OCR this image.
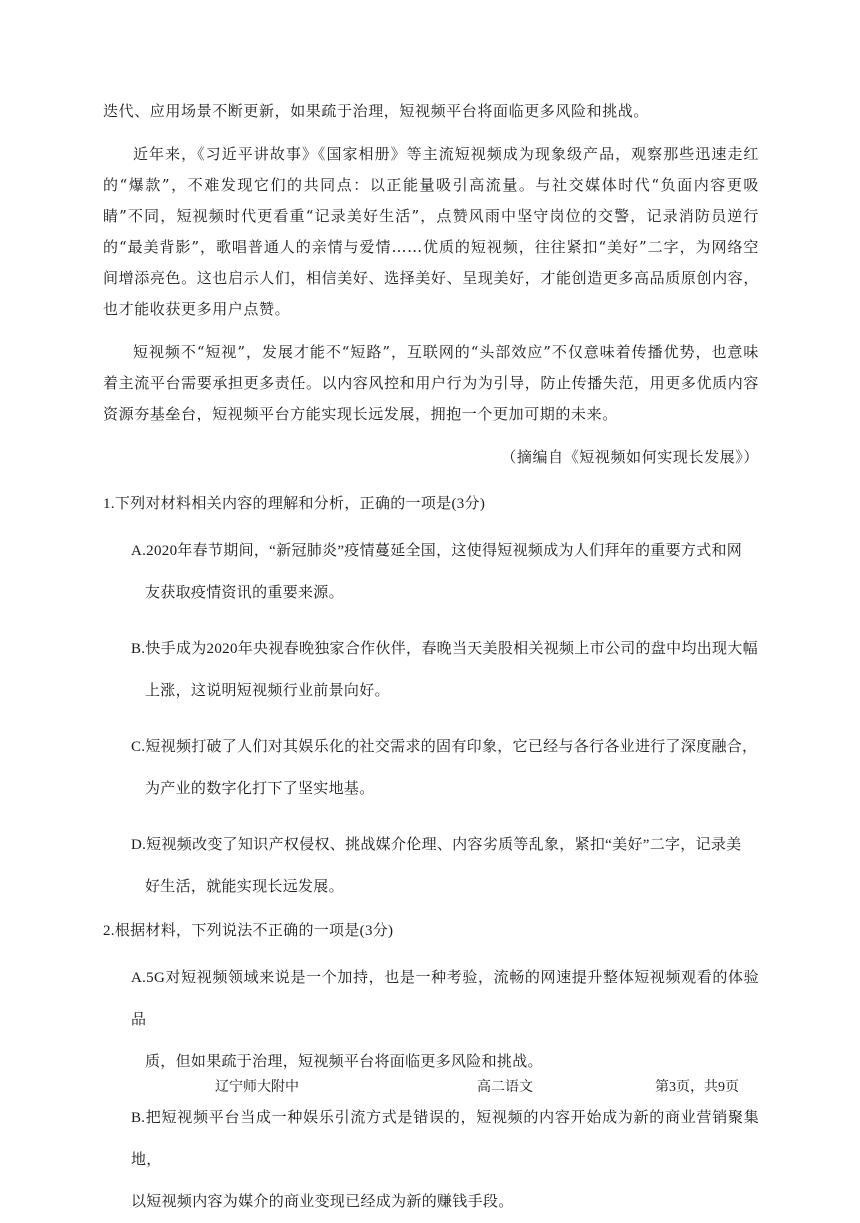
迭代、应用场景不断更新，如果疏于治理，短视频平台将面临更多风险和挑战。

近年来，《习近平讲故事》《国家相册》等主流短视频成为现象级产品，观察那些迅速走红的“爆款”，不难发现它们的共同点：以正能量吸引高流量。与社交媒体时代“负面内容更吸睛”不同，短视频时代更看重“记录美好生活”，点赞风雨中坚守岗位的交警，记录消防员逆行的“最美背影”，歌唱普通人的亲情与爱情……优质的短视频，往往紧扣“美好”二字，为网络空间增添亮色。这也启示人们，相信美好、选择美好、呈现美好，才能创造更多高品质原创内容，也才能收获更多用户点赞。

短视频不“短视”，发展才能不“短路”，互联网的“头部效应”不仅意味着传播优势，也意味着主流平台需要承担更多责任。以内容风控和用户行为为引导，防止传播失范，用更多优质内容资源夯基垒台，短视频平台方能实现长远发展，拥抱一个更加可期的未来。

（摘编自《短视频如何实现长发展》）

1.下列对材料相关内容的理解和分析，正确的一项是(3分)

A.2020年春节期间，“新冠肺炎”疫情蔓延全国，这使得短视频成为人们拜年的重要方式和网
友获取疫情资讯的重要来源。
B.快手成为2020年央视春晚独家合作伙伴，春晚当天美股相关视频上市公司的盘中均出现大幅
上涨，这说明短视频行业前景向好。
C.短视频打破了人们对其娱乐化的社交需求的固有印象，它已经与各行各业进行了深度融合，
为产业的数字化打下了坚实地基。
D.短视频改变了知识产权侵权、挑战媒介伦理、内容劣质等乱象，紧扣“美好”二字，记录美
好生活，就能实现长远发展。

2.根据材料，下列说法不正确的一项是(3分)

A.5G对短视频领域来说是一个加持，也是一种考验，流畅的网速提升整体短视频观看的体验品
质，但如果疏于治理，短视频平台将面临更多风险和挑战。
B.把短视频平台当成一种娱乐引流方式是错误的，短视频的内容开始成为新的商业营销聚集地，
以短视频内容为媒介的商业变现已经成为新的赚钱手段。
辽宁师大附中	高二语文	第3页，共9页
